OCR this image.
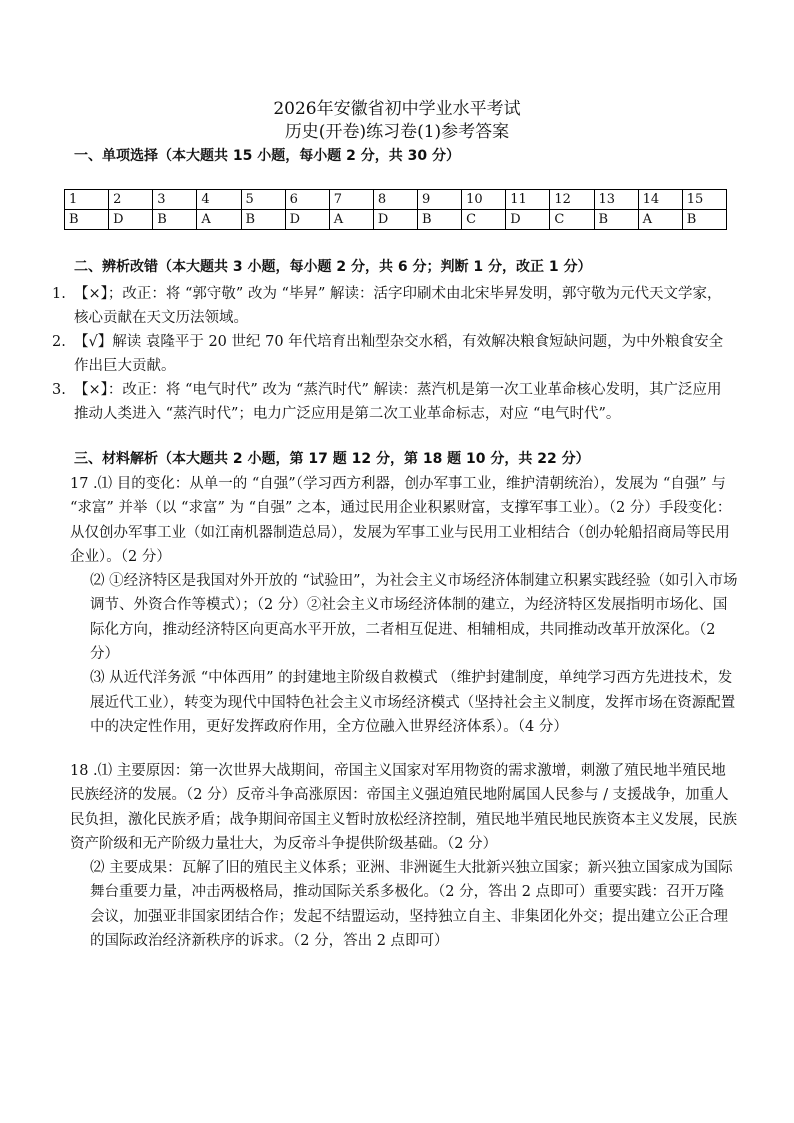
2026年安徽省初中学业水平考试
历史(开卷)练习卷(1)参考答案
一、单项选择（本大题共 15 小题，每小题 2 分，共 30 分）
1	2	3	4	5	6	7	8	9	10	11	12	13	14	15
B	D	B	A	B	D	A	D	B	C	D	C	B	A	B
二、辨析改错（本大题共 3 小题，每小题 2 分，共 6 分；判断 1 分，改正 1 分）
1. 【×】；改正：将 “郭守敬” 改为 “毕昇” 解读：活字印刷术由北宋毕昇发明，郭守敬为元代天文学家，核心贡献在天文历法领域。
2. 【√】解读 袁隆平于 20 世纪 70 年代培育出籼型杂交水稻，有效解决粮食短缺问题，为中外粮食安全作出巨大贡献。
3. 【×】：改正：将 “电气时代” 改为 “蒸汽时代” 解读：蒸汽机是第一次工业革命核心发明，其广泛应用推动人类进入 “蒸汽时代”；电力广泛应用是第二次工业革命标志，对应 “电气时代”。
三、材料解析（本大题共 2 小题，第 17 题 12 分，第 18 题 10 分，共 22 分）

17 .⑴ 目的变化：从单一的 “自强”（学习西方利器，创办军事工业，维护清朝统治），发展为 “自强” 与 “求富” 并举（以 “求富” 为 “自强” 之本，通过民用企业积累财富，支撑军事工业）。（2 分）手段变化：从仅创办军事工业（如江南机器制造总局），发展为军事工业与民用工业相结合（创办轮船招商局等民用企业）。（2 分）

⑵ ①经济特区是我国对外开放的 “试验田”，为社会主义市场经济体制建立积累实践经验（如引入市场调节、外资合作等模式）；（2 分）②社会主义市场经济体制的建立，为经济特区发展指明市场化、国际化方向，推动经济特区向更高水平开放，二者相互促进、相辅相成，共同推动改革开放深化。（2 分）

⑶ 从近代洋务派 “中体西用” 的封建地主阶级自救模式 （维护封建制度，单纯学习西方先进技术，发展近代工业），转变为现代中国特色社会主义市场经济模式（坚持社会主义制度，发挥市场在资源配置中的决定性作用，更好发挥政府作用，全方位融入世界经济体系）。（4 分）

18 .⑴ 主要原因：第一次世界大战期间，帝国主义国家对军用物资的需求激增，刺激了殖民地半殖民地民族经济的发展。（2 分）反帝斗争高涨原因：帝国主义强迫殖民地附属国人民参与 / 支援战争，加重人民负担，激化民族矛盾；战争期间帝国主义暂时放松经济控制，殖民地半殖民地民族资本主义发展，民族资产阶级和无产阶级力量壮大，为反帝斗争提供阶级基础。（2 分）

⑵ 主要成果：瓦解了旧的殖民主义体系；亚洲、非洲诞生大批新兴独立国家；新兴独立国家成为国际舞台重要力量，冲击两极格局，推动国际关系多极化。（2 分，答出 2 点即可）重要实践：召开万隆会议，加强亚非国家团结合作；发起不结盟运动，坚持独立自主、非集团化外交；提出建立公正合理的国际政治经济新秩序的诉求。（2 分，答出 2 点即可）
